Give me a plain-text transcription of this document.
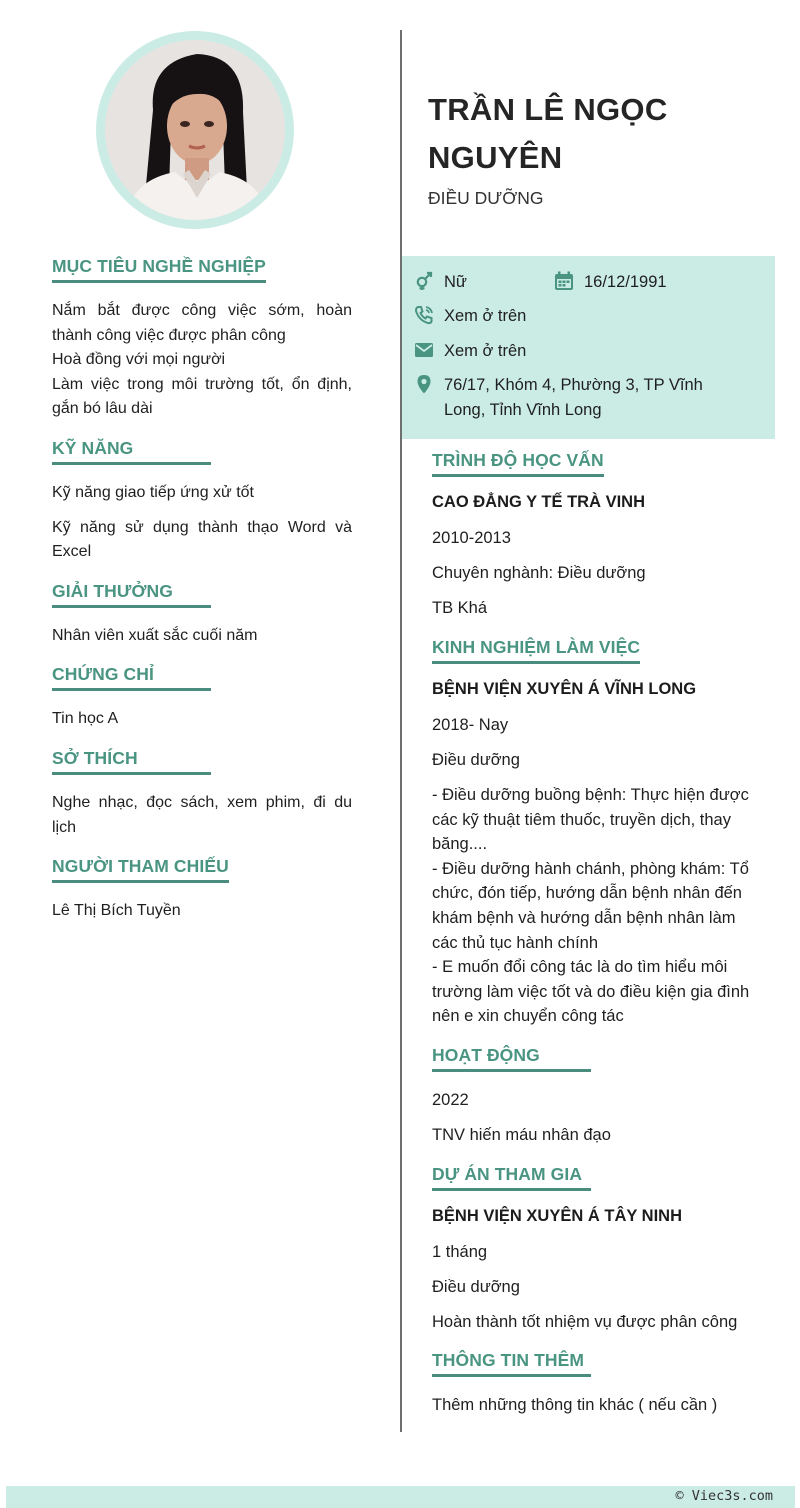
TRẦN LÊ NGỌC NGUYÊN
ĐIỀU DƯỠNG
Nữ	16/12/1991
Xem ở trên
Xem ở trên
76/17, Khóm 4, Phường 3, TP Vĩnh Long, Tỉnh Vĩnh Long
MỤC TIÊU NGHỀ NGHIỆP
Nắm bắt được công việc sớm, hoàn thành công việc được phân công
Hoà đồng với mọi người
Làm việc trong môi trường tốt, ổn định, gắn bó lâu dài
KỸ NĂNG
Kỹ năng giao tiếp ứng xử tốt
Kỹ năng sử dụng thành thạo Word và Excel
GIẢI THƯỞNG
Nhân viên xuất sắc cuối năm
CHỨNG CHỈ
Tin học A
SỞ THÍCH
Nghe nhạc, đọc sách, xem phim, đi du lịch
NGƯỜI THAM CHIẾU
Lê Thị Bích Tuyền
TRÌNH ĐỘ HỌC VẤN
CAO ĐẲNG Y TẾ TRÀ VINH
2010-2013
Chuyên nghành: Điều dưỡng
TB Khá
KINH NGHIỆM LÀM VIỆC
BỆNH VIỆN XUYÊN Á VĨNH LONG
2018- Nay
Điều dưỡng
- Điều dưỡng buồng bệnh: Thực hiện được các kỹ thuật tiêm thuốc, truyền dịch, thay băng....
- Điều dưỡng hành chánh, phòng khám: Tổ chức, đón tiếp, hướng dẫn bệnh nhân đến khám bệnh và hướng dẫn bệnh nhân làm các thủ tục hành chính
- E muốn đổi công tác là do tìm hiểu môi trường làm việc tốt và do điều kiện gia đình nên e xin chuyển công tác
HOẠT ĐỘNG
2022
TNV hiến máu nhân đạo
DỰ ÁN THAM GIA
BỆNH VIỆN XUYÊN Á TÂY NINH
1 tháng
Điều dưỡng
Hoàn thành tốt nhiệm vụ được phân công
THÔNG TIN THÊM
Thêm những thông tin khác ( nếu cần )
© Viec3s.com
